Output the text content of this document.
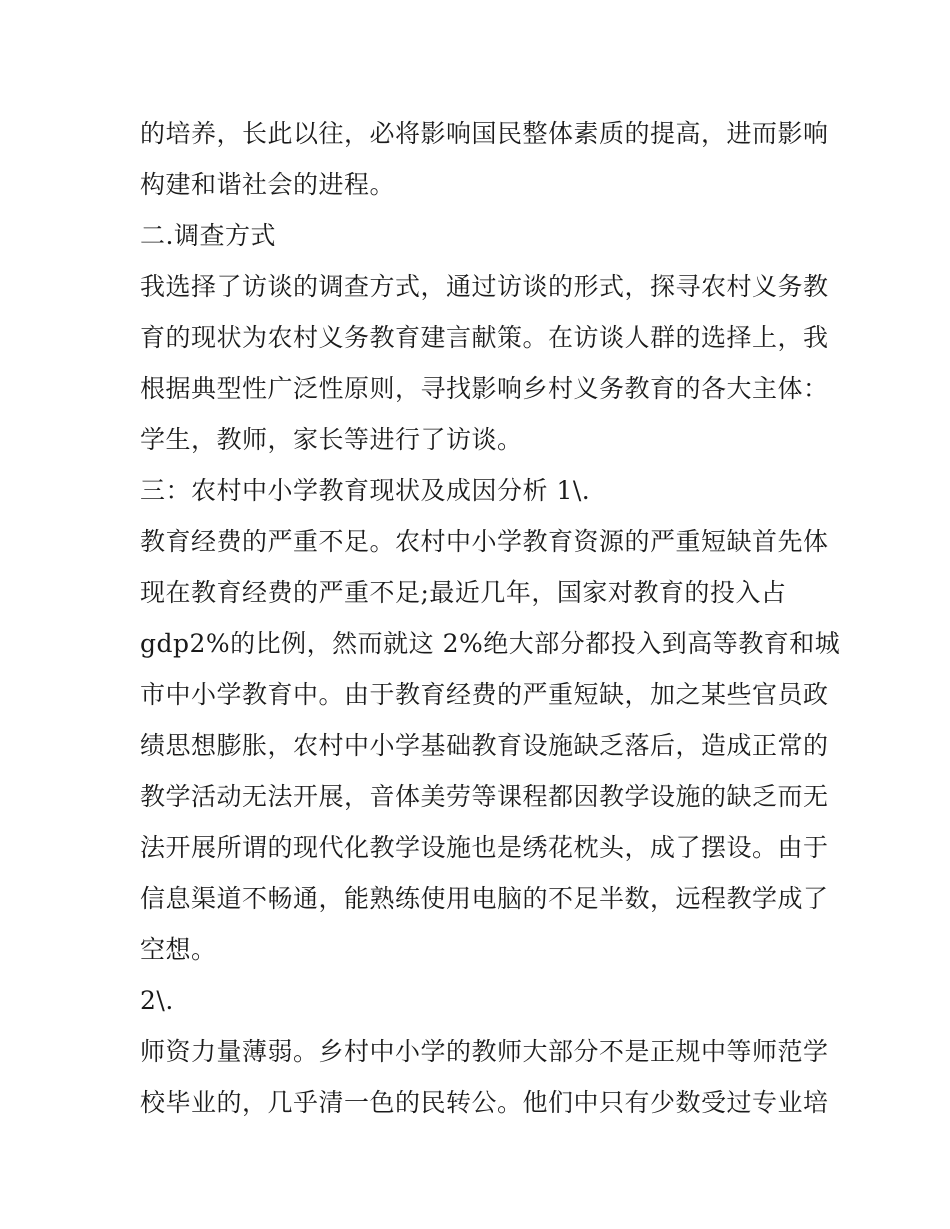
的培养，长此以往，必将影响国民整体素质的提高，进而影响
构建和谐社会的进程。
二.调查方式
我选择了访谈的调查方式，通过访谈的形式，探寻农村义务教
育的现状为农村义务教育建言献策。在访谈人群的选择上，我
根据典型性广泛性原则，寻找影响乡村义务教育的各大主体：
学生，教师，家长等进行了访谈。
三：农村中小学教育现状及成因分析 1\.
教育经费的严重不足。农村中小学教育资源的严重短缺首先体
现在教育经费的严重不足;最近几年，国家对教育的投入占
gdp2%的比例，然而就这 2%绝大部分都投入到高等教育和城
市中小学教育中。由于教育经费的严重短缺，加之某些官员政
绩思想膨胀，农村中小学基础教育设施缺乏落后，造成正常的
教学活动无法开展，音体美劳等课程都因教学设施的缺乏而无
法开展所谓的现代化教学设施也是绣花枕头，成了摆设。由于
信息渠道不畅通，能熟练使用电脑的不足半数，远程教学成了
空想。
2\.
师资力量薄弱。乡村中小学的教师大部分不是正规中等师范学
校毕业的，几乎清一色的民转公。他们中只有少数受过专业培
